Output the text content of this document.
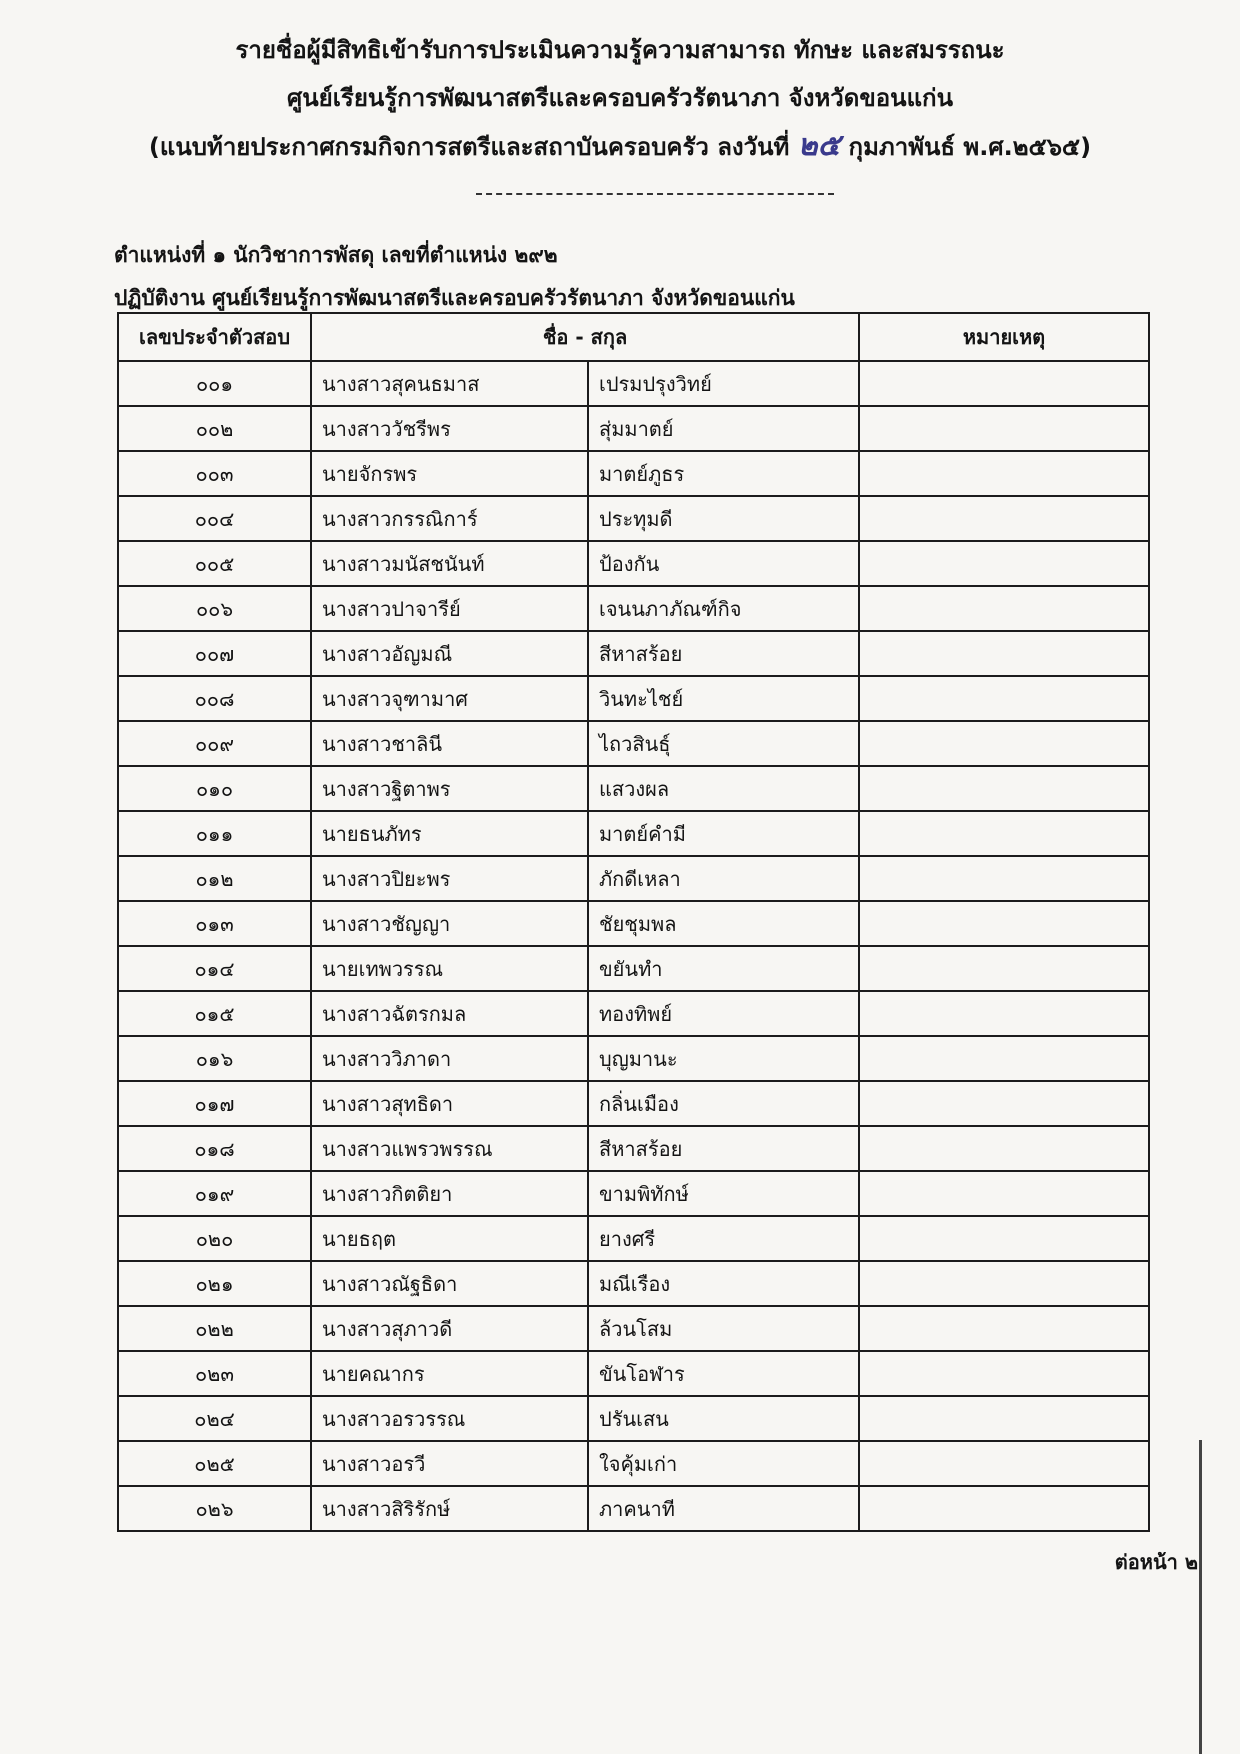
รายชื่อผู้มีสิทธิเข้ารับการประเมินความรู้ความสามารถ ทักษะ และสมรรถนะ
ศูนย์เรียนรู้การพัฒนาสตรีและครอบครัวรัตนาภา จังหวัดขอนแก่น
(แนบท้ายประกาศกรมกิจการสตรีและสถาบันครอบครัว ลงวันที่ ๒๕ กุมภาพันธ์ พ.ศ.๒๕๖๕)
ตำแหน่งที่ ๑ นักวิชาการพัสดุ เลขที่ตำแหน่ง ๒๙๒
ปฏิบัติงาน ศูนย์เรียนรู้การพัฒนาสตรีและครอบครัวรัตนาภา จังหวัดขอนแก่น
เลขประจำตัวสอบ	ชื่อ - สกุล		หมายเหตุ
๐๐๑	นางสาวสุคนธมาส	เปรมปรุงวิทย์	
๐๐๒	นางสาววัชรีพร	สุ่มมาตย์	
๐๐๓	นายจักรพร	มาตย์ภูธร	
๐๐๔	นางสาวกรรณิการ์	ประทุมดี	
๐๐๕	นางสาวมนัสชนันท์	ป้องกัน	
๐๐๖	นางสาวปาจารีย์	เจนนภาภัณฑ์กิจ	
๐๐๗	นางสาวอัญมณี	สีหาสร้อย	
๐๐๘	นางสาวจุฑามาศ	วินทะไชย์	
๐๐๙	นางสาวชาลินี	ไถวสินธุ์	
๐๑๐	นางสาวฐิตาพร	แสวงผล	
๐๑๑	นายธนภัทร	มาตย์คำมี	
๐๑๒	นางสาวปิยะพร	ภักดีเหลา	
๐๑๓	นางสาวชัญญา	ชัยชุมพล	
๐๑๔	นายเทพวรรณ	ขยันทำ	
๐๑๕	นางสาวฉัตรกมล	ทองทิพย์	
๐๑๖	นางสาววิภาดา	บุญมานะ	
๐๑๗	นางสาวสุทธิดา	กลิ่นเมือง	
๐๑๘	นางสาวแพรวพรรณ	สีหาสร้อย	
๐๑๙	นางสาวกิตติยา	ขามพิทักษ์	
๐๒๐	นายธฤต	ยางศรี	
๐๒๑	นางสาวณัฐธิดา	มณีเรือง	
๐๒๒	นางสาวสุภาวดี	ล้วนโสม	
๐๒๓	นายคณากร	ขันโอฬาร	
๐๒๔	นางสาวอรวรรณ	ปรันเสน	
๐๒๕	นางสาวอรวี	ใจคุ้มเก่า	
๐๒๖	นางสาวสิริรักษ์	ภาคนาที	
ต่อหน้า ๒
